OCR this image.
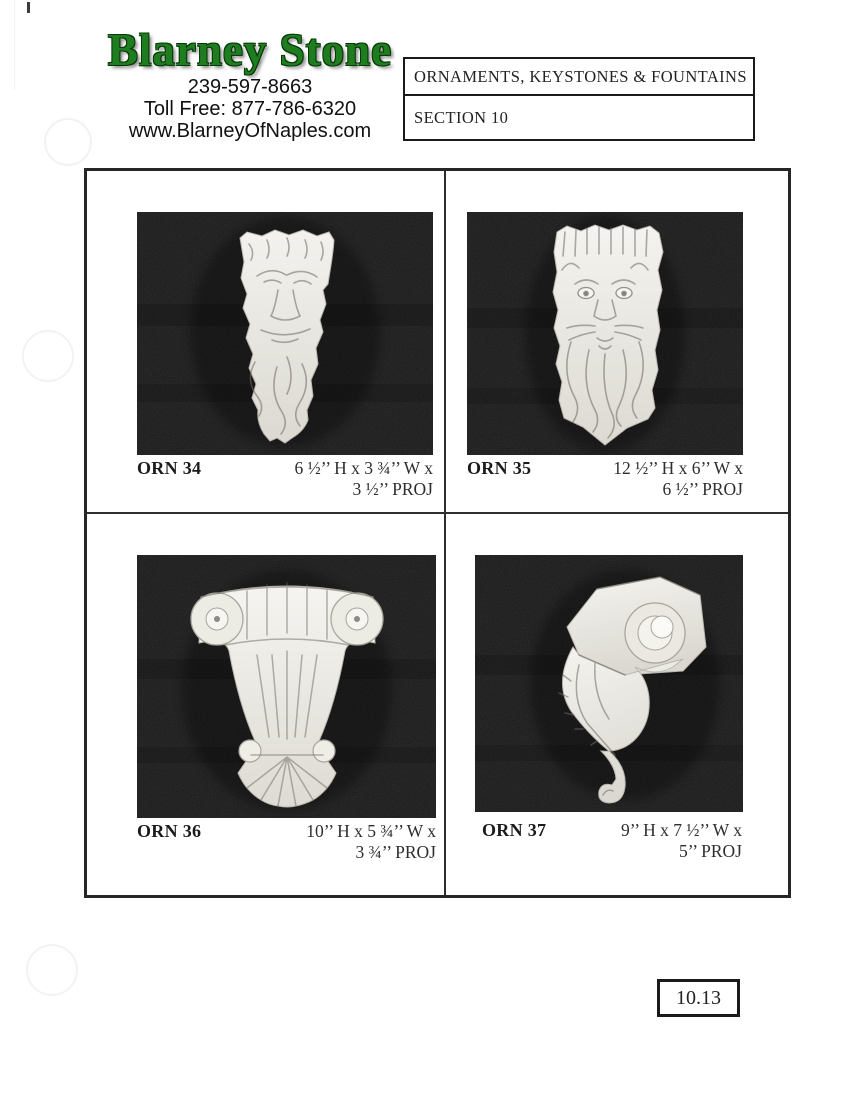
Blarney Stone
239-597-8663
Toll Free: 877-786-6320
www.BlarneyOfNaples.com
ORNAMENTS, KEYSTONES & FOUNTAINS
SECTION 10
ORN 34	6 ½’’ H x 3 ¾’’ W x
3 ½’’ PROJ
ORN 35	12 ½’’ H x 6’’ W x
6 ½’’ PROJ
ORN 36	10’’ H x 5 ¾’’ W x
3 ¾’’ PROJ
ORN 37	9’’ H x 7 ½’’ W x
5’’ PROJ
10.13
